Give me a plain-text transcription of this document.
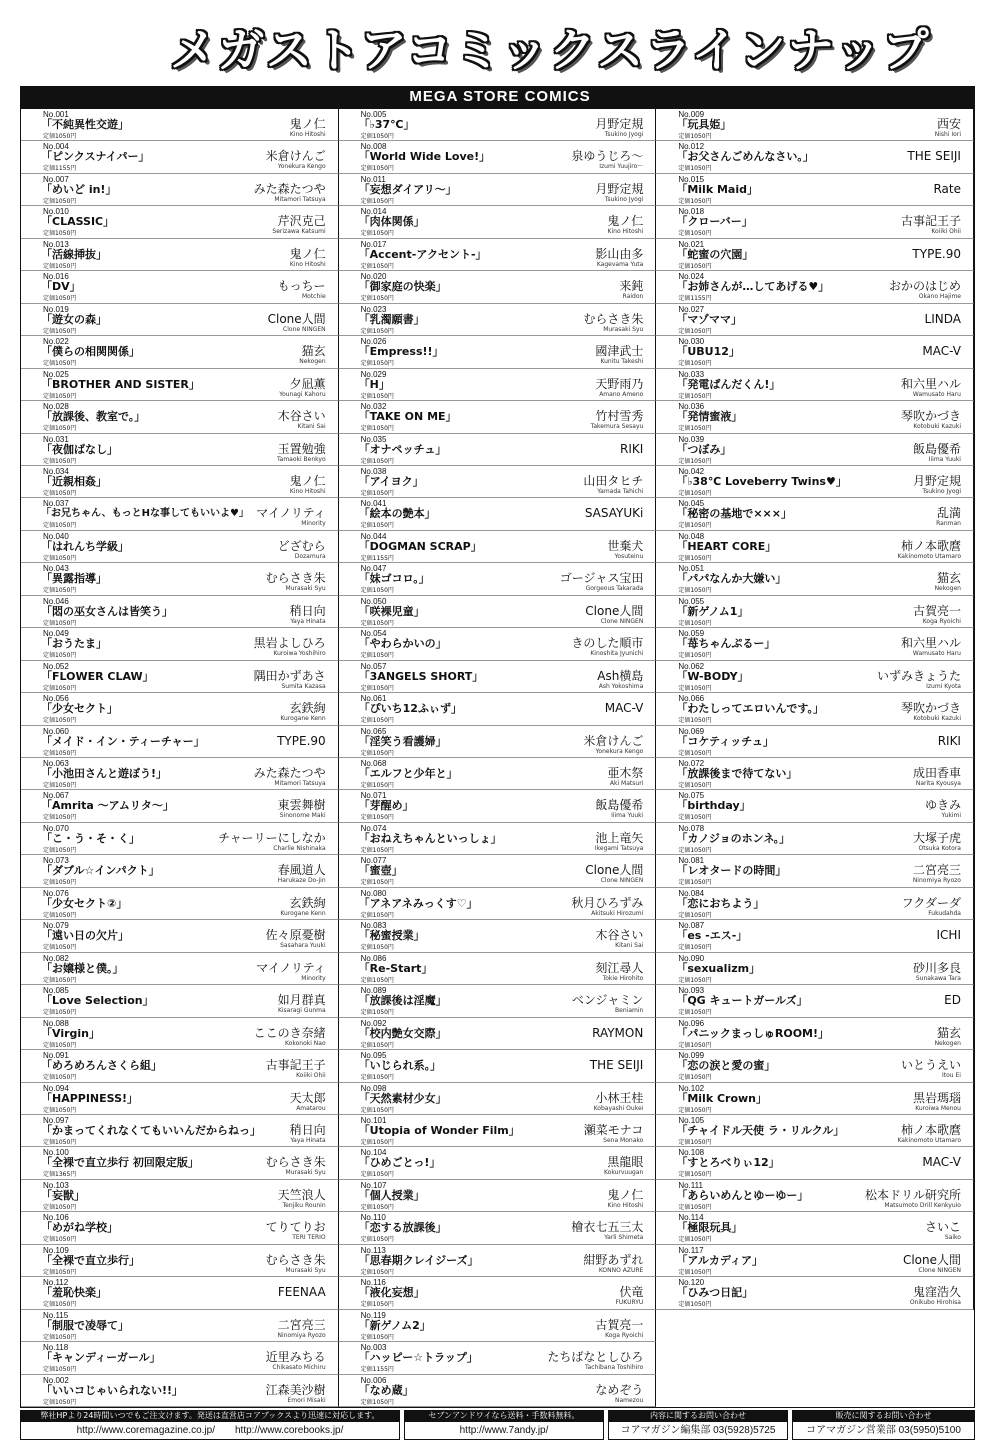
メガストアコミックスラインナップ
MEGA STORE COMICS
No.001
「不純異性交遊」
定価1050円
鬼ノ仁
Kino Hitoshi
No.004
「ピンクスナイパー」
定価1155円
米倉けんご
Yonekura Kengo
No.007
「めいど in!」
定価1050円
みた森たつや
Mitamori Tatsuya
No.010
「CLASSIC」
定価1050円
芹沢克己
Serizawa Katsumi
No.013
「活線挿抜」
定価1050円
鬼ノ仁
Kino Hitoshi
No.016
「DV」
定価1050円
もっちー
Motchie
No.019
「遊女の森」
定価1050円
Clone人間
Clone NINGEN
No.022
「僕らの相関関係」
定価1050円
猫玄
Nekogen
No.025
「BROTHER AND SISTER」
定価1050円
夕凪薫
Younagi Kahoru
No.028
「放課後、教室で。」
定価1050円
木谷さい
Kitani Sai
No.031
「夜伽ばなし」
定価1050円
玉置勉強
Tamaoki Benkyo
No.034
「近親相姦」
定価1050円
鬼ノ仁
Kino Hitoshi
No.037
「お兄ちゃん、もっとHな事してもいいよ♥」
定価1050円
マイノリティ
Minority
No.040
「はれんち学級」
定価1050円
どざむら
Dozamura
No.043
「異露指導」
定価1050円
むらさき朱
Murasaki Syu
No.046
「悶の巫女さんは皆笑う」
定価1050円
稍日向
Yaya Hinata
No.049
「おうたま」
定価1050円
黒岩よしひろ
Kuroiwa Yoshihiro
No.052
「FLOWER CLAW」
定価1050円
隅田かずあさ
Sumita Kazasa
No.056
「少女セクト」
定価1050円
玄鉄絢
Kurogane Kenn
No.060
「メイド・イン・ティーチャー」
定価1050円
TYPE.90
No.063
「小池田さんと遊ぼう!」
定価1050円
みた森たつや
Mitamori Tatsuya
No.067
「Amrita ～アムリタ～」
定価1050円
東雲舞樹
Sinonome Maki
No.070
「こ・う・そ・く」
定価1050円
チャーリーにしなか
Charlie Nishinaka
No.073
「ダブル☆インパクト」
定価1050円
春風道人
Harukaze Do-jin
No.076
「少女セクト②」
定価1050円
玄鉄絢
Kurogane Kenn
No.079
「遠い日の欠片」
定価1050円
佐々原憂樹
Sasahara Yuuki
No.082
「お嬢様と僕。」
定価1050円
マイノリティ
Minority
No.085
「Love Selection」
定価1050円
如月群真
Kisaragi Gunma
No.088
「Virgin」
定価1050円
ここのき奈緒
Kokonoki Nao
No.091
「めろめろんさくら組」
定価1050円
古事記王子
Koiiki Ohii
No.094
「HAPPINESS!」
定価1050円
天太郎
Amatarou
No.097
「かまってくれなくてもいいんだからねっ」
定価1050円
稍日向
Yaya Hinata
No.100
「全裸で直立歩行 初回限定版」
定価1365円
むらさき朱
Murasaki Syu
No.103
「妄獣」
定価1050円
天竺浪人
Tenjiku Rounin
No.106
「めがね学校」
定価1050円
てりてりお
TERI TERIO
No.109
「全裸で直立歩行」
定価1050円
むらさき朱
Murasaki Syu
No.112
「羞恥快楽」
定価1050円
FEENAA
No.115
「制服で凌辱て」
定価1050円
二宮亮三
Ninomiya Ryozo
No.118
「キャンディーガール」
定価1050円
近里みちる
Chikasato Michiru
No.002
「いいコじゃいられない!!」
定価1050円
江森美沙樹
Emori Misaki
No.005
「♭37℃」
定価1050円
月野定規
Tsukino Jyogi
No.008
「World Wide Love!」
定価1050円
泉ゆうじろ～
Izumi Yuujiro～
No.011
「妄想ダイアリ～」
定価1050円
月野定規
Tsukino Jyogi
No.014
「肉体関係」
定価1050円
鬼ノ仁
Kino Hitoshi
No.017
「Accent-アクセント-」
定価1050円
影山由多
Kagevama Yuta
No.020
「御家庭の快楽」
定価1050円
来鈍
Raidon
No.023
「乳濁願書」
定価1050円
むらさき朱
Murasaki Syu
No.026
「Empress!!」
定価1050円
國津武士
Kunitu Takeshi
No.029
「H」
定価1050円
天野雨乃
Amano Ameno
No.032
「TAKE ON ME」
定価1050円
竹村雪秀
Takemura Sesayu
No.035
「オナペッチュ」
定価1050円
RIKI
No.038
「アイヨク」
定価1050円
山田タヒチ
Yamada Tahichi
No.041
「絵本の艶本」
定価1050円
SASAYUKi
No.044
「DOGMAN SCRAP」
定価1155円
世棄犬
Yosuteinu
No.047
「妹ゴコロ。」
定価1050円
ゴージャス宝田
Gorgeous Takarada
No.050
「咲裸児童」
定価1050円
Clone人間
Clone NINGEN
No.054
「やわらかいの」
定価1050円
きのした順市
Kinoshita Jyunichi
No.057
「3ANGELS SHORT」
定価1050円
Ash横島
Ash Yokoshima
No.061
「ぴいち12ふぃず」
定価1050円
MAC-V
No.065
「淫笑う看護婦」
定価1050円
米倉けんご
Yonekura Kengo
No.068
「エルフと少年と」
定価1050円
亜木祭
Aki Matsuri
No.071
「芽醒め」
定価1050円
飯島優希
Iiima Yuuki
No.074
「おねえちゃんといっしょ」
定価1050円
池上竜矢
Ikegami Tatsuya
No.077
「蜜壺」
定価1050円
Clone人間
Clone NINGEN
No.080
「アネアネみっくす♡」
定価1050円
秋月ひろずみ
Akitsuki Hirozumi
No.083
「秘蜜授業」
定価1050円
木谷さい
Kitani Sai
No.086
「Re-Start」
定価1050円
刻江尋人
Tokie Hirohito
No.089
「放課後は淫魔」
定価1050円
ベンジャミン
Beniamin
No.092
「校内艶女交際」
定価1050円
RAYMON
No.095
「いじられ系。」
定価1050円
THE SEIJI
No.098
「天然素材少女」
定価1050円
小林王桂
Kobayashi Oukei
No.101
「Utopia of Wonder Film」
定価1050円
瀬菜モナコ
Sena Monako
No.104
「ひめごとっ!」
定価1050円
黒龍眼
Kokurvuugan
No.107
「個人授業」
定価1050円
鬼ノ仁
Kino Hitoshi
No.110
「恋する放課後」
定価1050円
檜衣七五三太
Yarli Shimeta
No.113
「思春期クレイジーズ」
定価1050円
紺野あずれ
KONNO AZURE
No.116
「液化妄想」
定価1050円
伏竜
FUKURYU
No.119
「新ゲノム2」
定価1050円
古賀亮一
Koga Ryoichi
No.003
「ハッピー☆トラップ」
定価1155円
たちばなとしひろ
Tachibana Toshihiro
No.006
「なめ蔵」
定価1050円
なめぞう
Namezou
No.009
「玩具姫」
定価1050円
西安
Nishi Iori
No.012
「お父さんごめんなさい。」
定価1050円
THE SEIJI
No.015
「Milk Maid」
定価1050円
Rate
No.018
「クローバー」
定価1050円
古事記王子
Koiiki Ohii
No.021
「蛇蜜の穴園」
定価1050円
TYPE.90
No.024
「お姉さんが…してあげる♥」
定価1155円
おかのはじめ
Okano Hajime
No.027
「マゾママ」
定価1050円
LINDA
No.030
「UBU12」
定価1050円
MAC-V
No.033
「発電ぱんだくん!」
定価1050円
和六里ハル
Wamusato Haru
No.036
「発情蜜液」
定価1050円
琴吹かづき
Kotobuki Kazuki
No.039
「つぼみ」
定価1050円
飯島優希
Iiima Yuuki
No.042
「♭38℃ Loveberry Twins♥」
定価1050円
月野定規
Tsukino Jyogi
No.045
「秘密の基地で×××」
定価1050円
乱満
Ranman
No.048
「HEART CORE」
定価1050円
柿ノ本歌麿
Kakinomoto Utamaro
No.051
「パパなんか大嫌い」
定価1050円
猫玄
Nekogen
No.055
「新ゲノム1」
定価1050円
古賀亮一
Koga Ryoichi
No.059
「苺ちゃんぷるー」
定価1050円
和六里ハル
Wamusato Haru
No.062
「W-BODY」
定価1050円
いずみきょうた
Izumi Kyota
No.066
「わたしってエロいんです。」
定価1050円
琴吹かづき
Kotobuki Kazuki
No.069
「コケティッチュ」
定価1050円
RIKI
No.072
「放課後まで待てない」
定価1050円
成田香車
Narita Kyousya
No.075
「birthday」
定価1050円
ゆきみ
Yukimi
No.078
「カノジョのホンネ。」
定価1050円
大塚子虎
Otsuka Kotora
No.081
「レオタードの時間」
定価1050円
二宮亮三
Ninomiya Ryozo
No.084
「恋におちよう」
定価1050円
フクダーダ
Fukudahda
No.087
「es -エス-」
定価1050円
ICHI
No.090
「sexualizm」
定価1050円
砂川多良
Sunakawa Tara
No.093
「QG キュートガールズ」
定価1050円
ED
No.096
「パニックまっしゅROOM!」
定価1050円
猫玄
Nekogen
No.099
「恋の涙と愛の蜜」
定価1050円
いとうえい
Itou Ei
No.102
「Milk Crown」
定価1050円
黒岩瑪瑙
Kuroiwa Menou
No.105
「チャイドル天使 ラ・リルクル」
定価1050円
柿ノ本歌麿
Kakinomoto Utamaro
No.108
「すとろべりぃ12」
定価1050円
MAC-V
No.111
「あらいめんとゆーゆー」
定価1050円
松本ドリル研究所
Matsumoto Drill Kenkyuio
No.114
「極限玩具」
定価1050円
さいこ
Saiko
No.117
「アルカディア」
定価1050円
Clone人間
Clone NINGEN
No.120
「ひみつ日記」
定価1050円
鬼窪浩久
Onikubo Hirohisa
弊社HPより24時間いつでもご注文けます。発送は直営店コアブックスより迅速に対応します。
http://www.coremagazine.co.jp/　　http://www.corebooks.jp/
セブンアンドワイなら送料・手数料無料。
http://www.7andy.jp/
内容に関するお問い合わせ
コアマガジン編集部 03(5928)5725
販売に関するお問い合わせ
コアマガジン営業部 03(5950)5100
